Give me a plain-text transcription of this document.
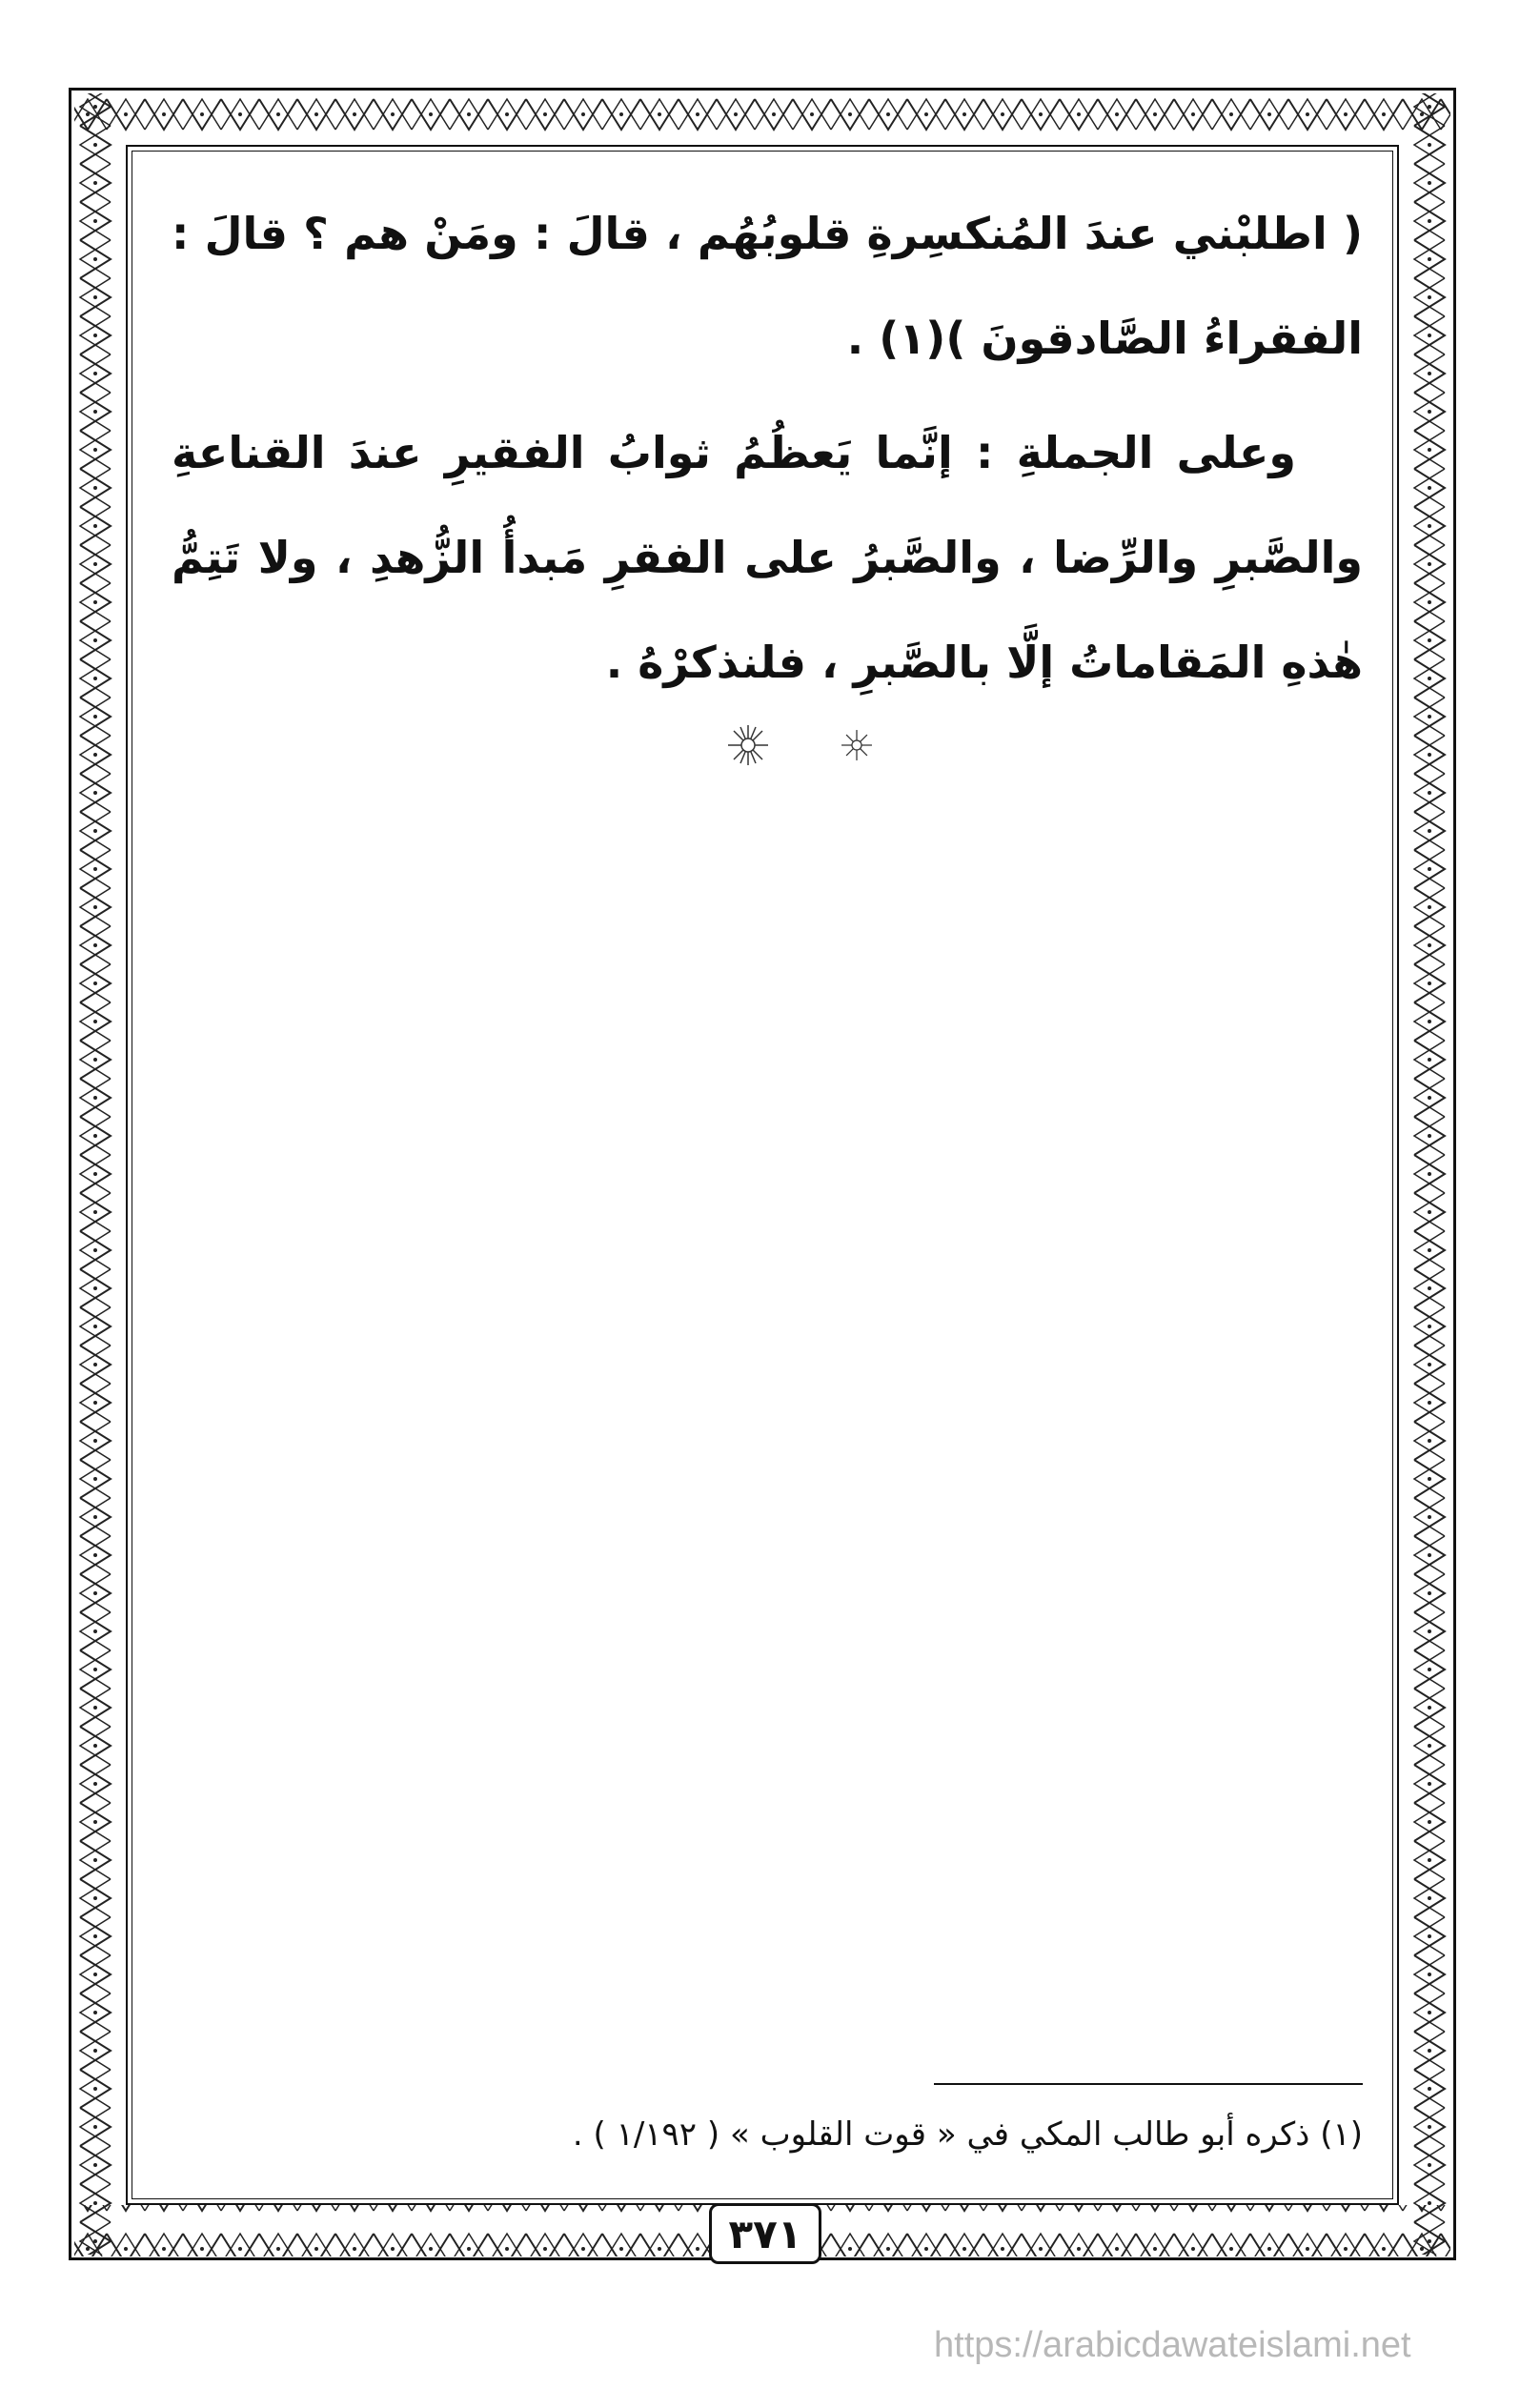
( اطلبْني عندَ المُنكسِرةِ قلوبُهُم ، قالَ : ومَنْ هم ؟ قالَ : الفقراءُ الصَّادقونَ )(١) .
وعلى الجملةِ : إنَّما يَعظُمُ ثوابُ الفقيرِ عندَ القناعةِ والصَّبرِ والرِّضا ، والصَّبرُ على الفقرِ مَبدأُ الزُّهدِ ، ولا تَتِمُّ هٰذهِ المَقاماتُ إلَّا بالصَّبرِ ، فلنذكرْهُ .
(١) ذكره أبو طالب المكي في « قوت القلوب » ( ١/١٩٢ ) .
٣٧١
https://arabicdawateislami.net
